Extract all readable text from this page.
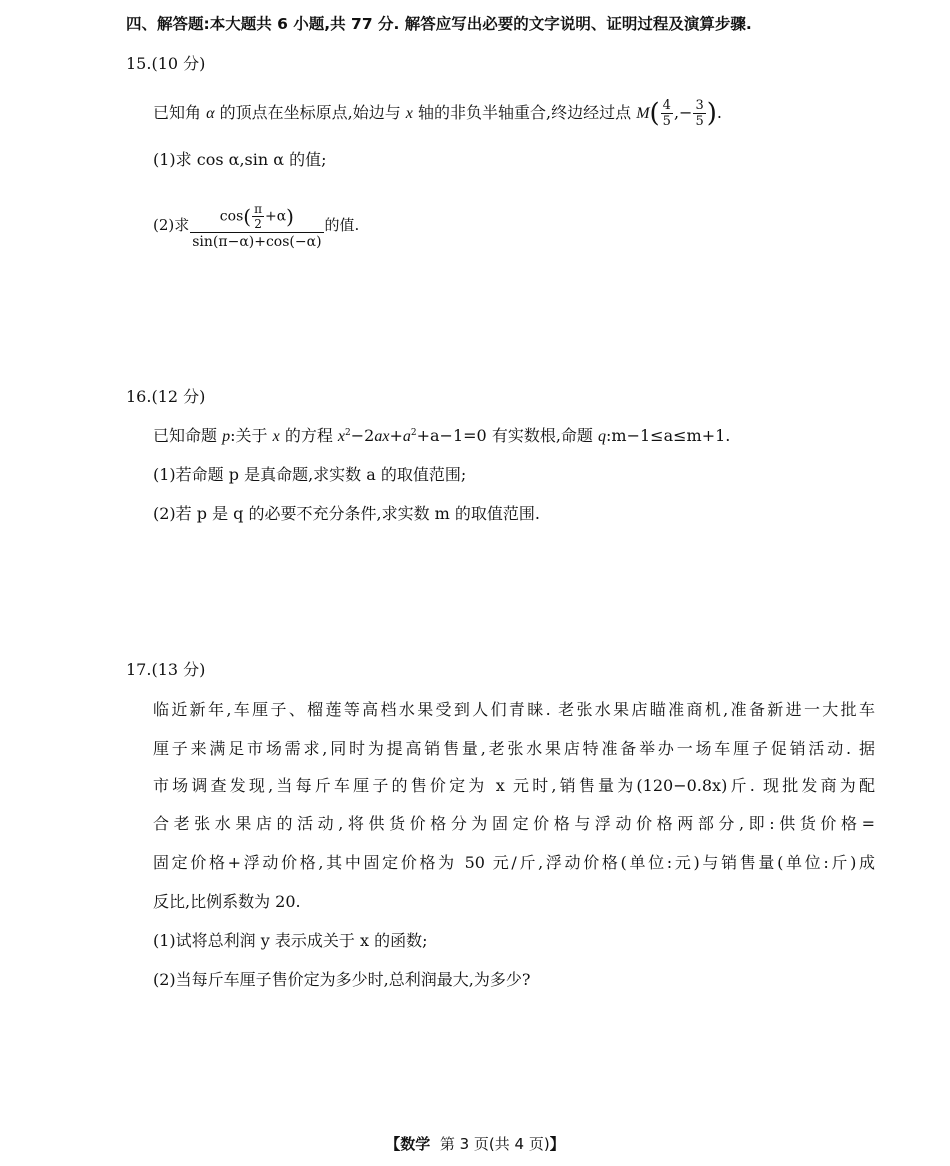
四、解答题:本大题共 6 小题,共 77 分. 解答应写出必要的文字说明、证明过程及演算步骤.
15.(10 分)
已知角 α 的顶点在坐标原点,始边与 x 轴的非负半轴重合,终边经过点 $M( \frac{4}{5}$ ,− $\frac{3}{5}$ ).
(1)求 cos α,sin α 的值;
(2)求 $\frac{\cos( \frac{\pi}{2} +\alpha)}{\sin(\pi-\alpha)+\cos(-\alpha)}$ 的值.
16.(12 分)
已知命题 p:关于 x 的方程 $x^2-2ax+a^2+a-1=0$ 有实数根,命题 q:m−1≤a≤m+1.
(1)若命题 p 是真命题,求实数 a 的取值范围;
(2)若 p 是 q 的必要不充分条件,求实数 m 的取值范围.
17.(13 分)
临近新年,车厘子、榴莲等高档水果受到人们青睐. 老张水果店瞄准商机,准备新进一大批车
厘子来满足市场需求,同时为提高销售量,老张水果店特准备举办一场车厘子促销活动. 据
市场调查发现,当每斤车厘子的售价定为 x 元时,销售量为(120−0.8x)斤. 现批发商为配
合老张水果店的活动,将供货价格分为固定价格与浮动价格两部分,即:供货价格=
固定价格+浮动价格,其中固定价格为 50 元/斤,浮动价格(单位:元)与销售量(单位:斤)成
反比,比例系数为 20.
(1)试将总利润 y 表示成关于 x 的函数;
(2)当每斤车厘子售价定为多少时,总利润最大,为多少?
【数学 第 3 页(共 4 页)】
